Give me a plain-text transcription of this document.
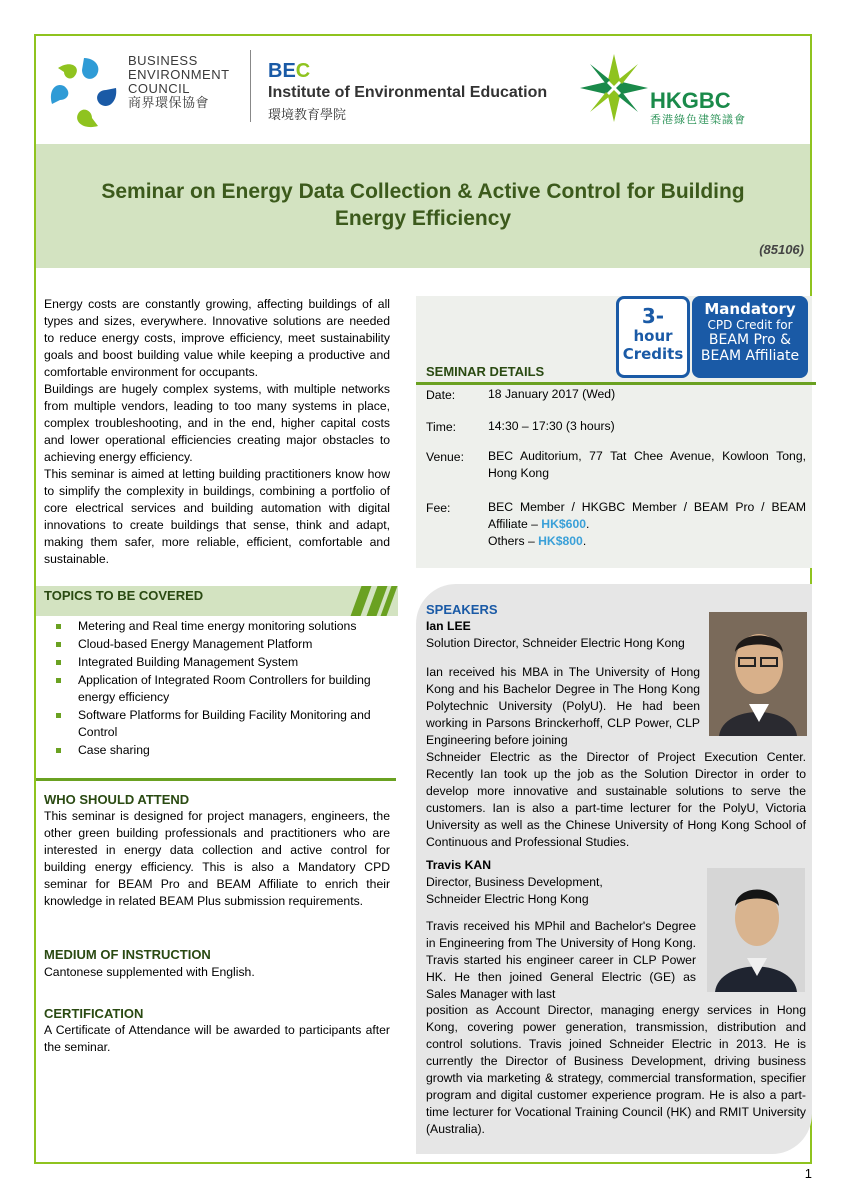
BUSINESS
ENVIRONMENT
COUNCIL
商界環保協會
BEC
Institute of Environmental Education
環境教育學院
HKGBC
香港綠色建築議會
Seminar on Energy Data Collection & Active Control for Building
Energy Efficiency
(85106)

Energy costs are constantly growing, affecting buildings of all types and sizes, everywhere. Innovative solutions are needed to reduce energy costs, improve efficiency, meet sustainability goals and boost building value while keeping a productive and comfortable environment for occupants.

Buildings are hugely complex systems, with multiple networks from multiple vendors, leading to too many systems in place, complex troubleshooting, and in the end, higher capital costs and lower operational efficiencies creating major obstacles to achieving energy efficiency.

This seminar is aimed at letting building practitioners know how to simplify the complexity in buildings, combining a portfolio of core electrical services and building automation with digital innovations to create buildings that sense, think and adapt, making them safer, more reliable, efficient, comfortable and sustainable.

TOPICS TO BE COVERED
Metering and Real time energy monitoring solutions
Cloud-based Energy Management Platform
Integrated Building Management System
Application of Integrated Room Controllers for building energy efficiency
Software Platforms for Building Facility Monitoring and Control
Case sharing
WHO SHOULD ATTEND
This seminar is designed for project managers, engineers, the other green building professionals and practitioners who are interested in energy data collection and active control for building energy efficiency. This is also a Mandatory CPD seminar for BEAM Pro and BEAM Affiliate to enrich their knowledge in related BEAM Plus submission requirements.
MEDIUM OF INSTRUCTION
Cantonese supplemented with English.
CERTIFICATION
A Certificate of Attendance will be awarded to participants after the seminar.
3-
hour
Credits
Mandatory
CPD Credit for
BEAM Pro &
BEAM Affiliate
SEMINAR DETAILS
Date:	18 January 2017 (Wed)
Time:	14:30 – 17:30 (3 hours)
Venue: BEC Auditorium, 77 Tat Chee Avenue, Kowloon Tong, Hong Kong
Fee:	BEC Member / HKGBC Member / BEAM Pro / BEAM Affiliate – HK$600.
Others – HK$800.
SPEAKERS
Ian LEE
Solution Director, Schneider Electric Hong Kong
Ian received his MBA in The University of Hong Kong and his Bachelor Degree in The Hong Kong Polytechnic University (PolyU). He had been working in Parsons Brinckerhoff, CLP Power, CLP Engineering before joining
Schneider Electric as the Director of Project Execution Center. Recently Ian took up the job as the Solution Director in order to develop more innovative and sustainable solutions to serve the customers. Ian is also a part-time lecturer for the PolyU, Victoria University as well as the Chinese University of Hong Kong School of Continuous and Professional Studies.
Travis KAN
Director, Business Development,
Schneider Electric Hong Kong
Travis received his MPhil and Bachelor's Degree in Engineering from The University of Hong Kong. Travis started his engineer career in CLP Power HK. He then joined General Electric (GE) as Sales Manager with last
position as Account Director, managing energy services in Hong Kong, covering power generation, transmission, distribution and control solutions. Travis joined Schneider Electric in 2013. He is currently the Director of Business Development, driving business growth via marketing & strategy, commercial transformation, specifier program and digital customer experience program. He is also a part-time lecturer for Vocational Training Council (HK) and RMIT University (Australia).
1
